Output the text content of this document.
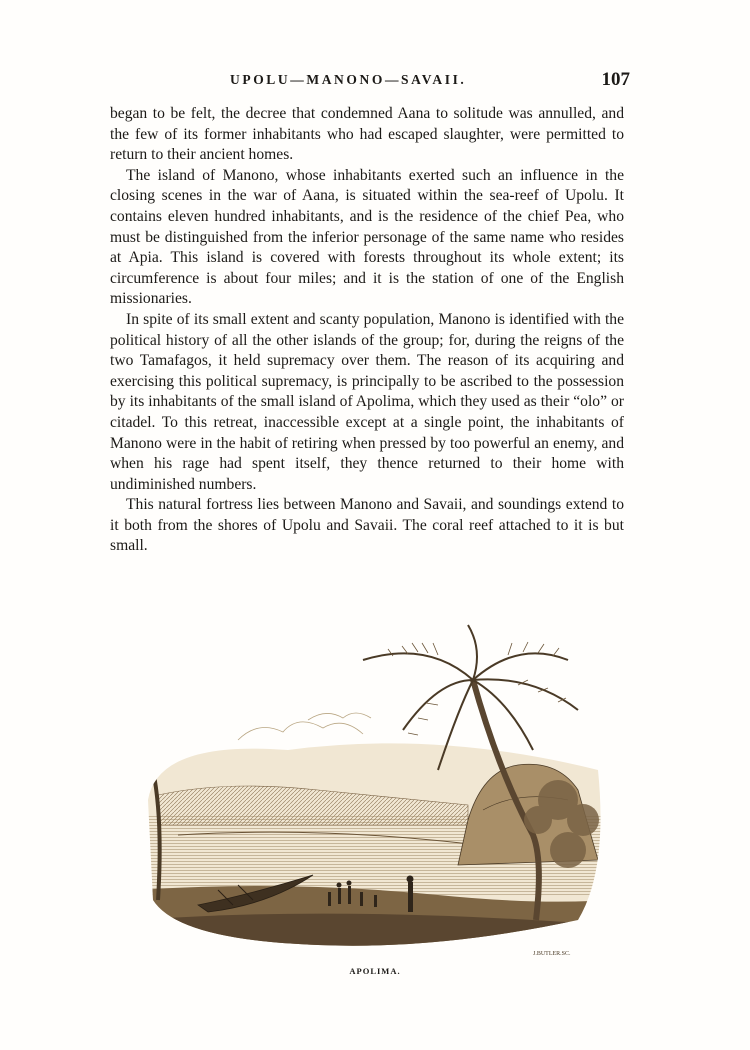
UPOLU—MANONO—SAVAII.	107

began to be felt, the decree that condemned Aana to solitude was annulled, and the few of its former inhabitants who had escaped slaughter, were permitted to return to their ancient homes.

The island of Manono, whose inhabitants exerted such an influence in the closing scenes in the war of Aana, is situated within the sea-reef of Upolu. It contains eleven hundred inhabitants, and is the residence of the chief Pea, who must be distinguished from the inferior personage of the same name who resides at Apia. This island is covered with forests throughout its whole extent; its circumference is about four miles; and it is the station of one of the English missionaries.

In spite of its small extent and scanty population, Manono is identified with the political history of all the other islands of the group; for, during the reigns of the two Tamafagos, it held supremacy over them. The reason of its acquiring and exercising this political supremacy, is principally to be ascribed to the possession by its inhabitants of the small island of Apolima, which they used as their “olo” or citadel. To this retreat, inaccessible except at a single point, the inhabitants of Manono were in the habit of retiring when pressed by too powerful an enemy, and when his rage had spent itself, they thence returned to their home with undiminished numbers.

This natural fortress lies between Manono and Savaii, and soundings extend to it both from the shores of Upolu and Savaii. The coral reef attached to it is but small.

J.BUTLER.SC.
APOLIMA.
